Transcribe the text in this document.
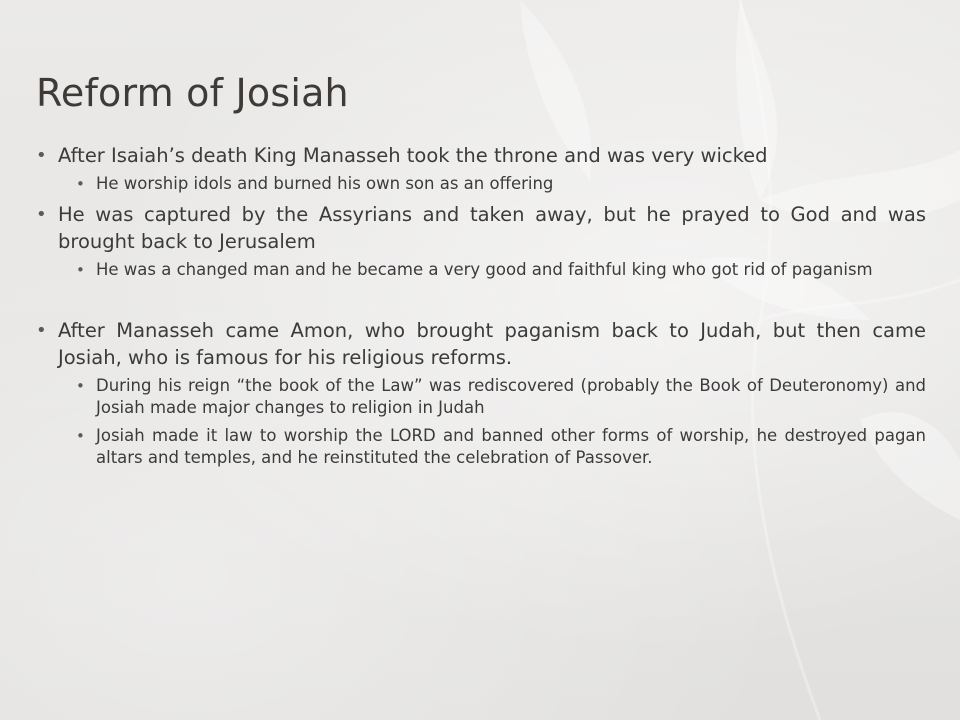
Reform of Josiah
• After Isaiah’s death King Manasseh took the throne and was very wicked
• He worship idols and burned his own son as an offering
• He was captured by the Assyrians and taken away, but he prayed to God and was brought back to Jerusalem
• He was a changed man and he became a very good and faithful king who got rid of paganism
• After Manasseh came Amon, who brought paganism back to Judah, but then came Josiah, who is famous for his religious reforms.
• During his reign “the book of the Law” was rediscovered (probably the Book of Deuteronomy) and Josiah made major changes to religion in Judah
• Josiah made it law to worship the LORD and banned other forms of worship, he destroyed pagan altars and temples, and he reinstituted the celebration of Passover.
